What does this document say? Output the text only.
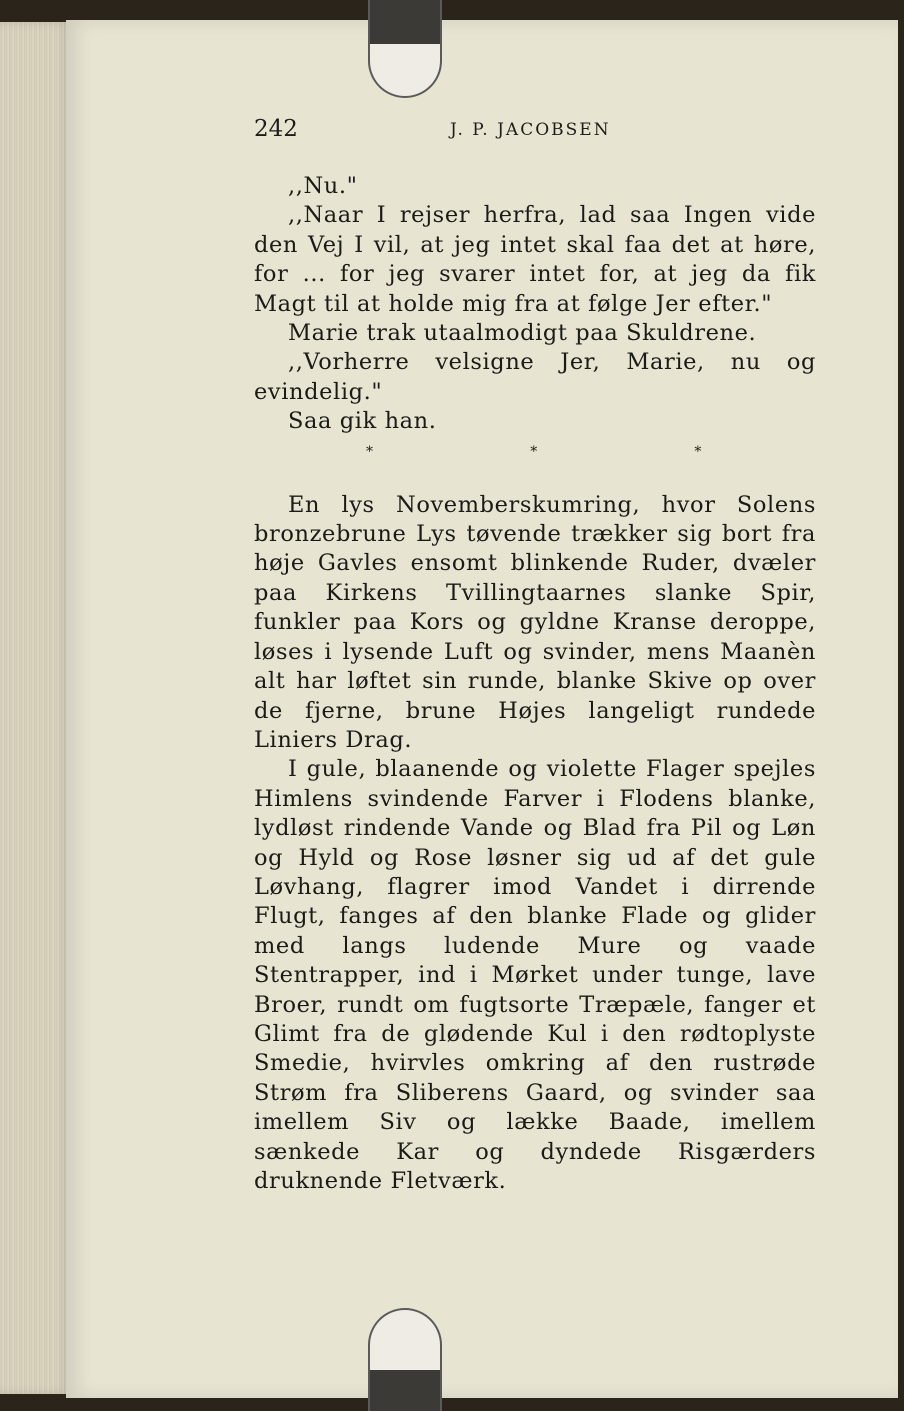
242	J. P. JACOBSEN

,,Nu."

,,Naar I rejser herfra, lad saa Ingen vide den Vej I vil, at jeg intet skal faa det at høre, for ... for jeg svarer intet for, at jeg da fik Magt til at holde mig fra at følge Jer efter."

Marie trak utaalmodigt paa Skuldrene.

,,Vorherre velsigne Jer, Marie, nu og evindelig."

Saa gik han.

*	*	*

En lys Novemberskumring, hvor Solens bronzebrune Lys tøvende trækker sig bort fra høje Gavles ensomt blinkende Ruder, dvæler paa Kirkens Tvillingtaarnes slanke Spir, funkler paa Kors og gyldne Kranse deroppe, løses i lysende Luft og svinder, mens Maanèn alt har løftet sin runde, blanke Skive op over de fjerne, brune Højes langeligt rundede Liniers Drag.

I gule, blaanende og violette Flager spejles Himlens svindende Farver i Flodens blanke, lydløst rindende Vande og Blad fra Pil og Løn og Hyld og Rose løsner sig ud af det gule Løvhang, flagrer imod Vandet i dirrende Flugt, fanges af den blanke Flade og glider med langs ludende Mure og vaade Stentrapper, ind i Mørket under tunge, lave Broer, rundt om fugtsorte Træpæle, fanger et Glimt fra de glødende Kul i den rødtoplyste Smedie, hvirvles omkring af den rustrøde Strøm fra Sliberens Gaard, og svinder saa imellem Siv og lække Baade, imellem sænkede Kar og dyndede Risgærders druknende Fletværk.
